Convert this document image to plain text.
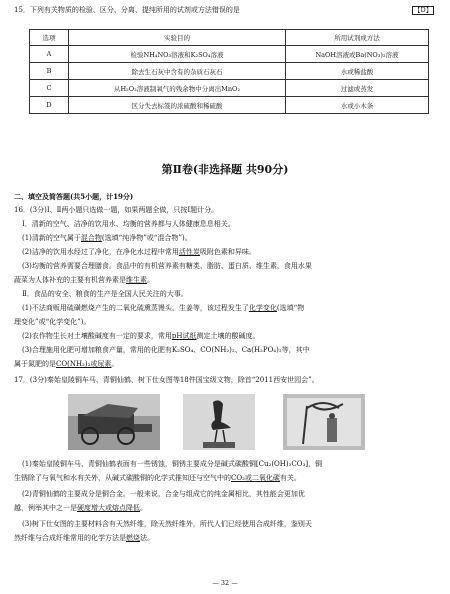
15．下列有关物质的检验、区分、分离、提纯所用的试剂或方法错误的是	【D】
选项	实验目的	所用试剂或方法
A	检验NH₄NO₃溶液和K₂SO₄溶液	NaOH溶液或Ba(NO₃)₂溶液
B	除去生石灰中含有的杂质石灰石	水或稀盐酸
C	从H₂O₂溶液制氧气的残余物中分离出MnO₂	过滤或蒸发
D	区分失去标签的浓硫酸和稀硫酸	水或小木条
第Ⅱ卷(非选择题 共90分)
二、填空及简答题(共5小题，计19分)
16．(3分)Ⅰ、Ⅱ两小题只选做一题，如果两题全做，只按Ⅰ题计分。
Ⅰ．清新的空气、洁净的饮用水、均衡的营养都与人体健康息息相关。
(1)清新的空气属于混合物(选填“纯净物”或“混合物”)。
(2)洁净的饮用水经过了净化，在净化水过程中常用活性炭吸附色素和异味。
(3)均衡的营养需要合理膳食。食品中的有机营养素有糖类、脂肪、蛋白质、维生素，食用水果
蔬菜为人体补充的主要有机营养素是维生素。
Ⅱ．食品的安全、粮食的生产是全国人民关注的大事。
(1)不法商贩用硫磺燃烧产生的二氧化硫熏蒸馒头，生姜等，该过程发生了化学变化(选填“物
理变化”或“化学变化”)。
(2)农作物生长对土壤酸碱度有一定的要求，常用pH试纸测定土壤的酸碱度。
(3)合理施用化肥可增加粮食产量，常用的化肥有K₂SO₄、CO(NH₂)₂、Ca(H₂PO₄)₂等，其中
属于氮肥的是CO(NH₂)₂或尿素。
17．(3分)秦始皇陵铜车马、青铜仙鹤、树下仕女图等18件国宝级文物，除首“2011西安世园会”。
(1)秦始皇陵铜车马、青铜仙鹤表面有一些锈蚀，铜锈主要成分是碱式碳酸铜[Cu₂(OH)₂CO₃]，铜
生锈除了与氧气和水有关外，从碱式碳酸铜的化学式推知还与空气中的CO₂或二氧化碳有关。
(2)青铜仙鹤的主要成分是铜合金。一般来说，合金与组成它的纯金属相比，其性能会更加优
越，例举其中之一是硬度增大或熔点降低。
(3)树下仕女图的主要材料含有天然纤维，除天然纤维外，所代人们已经使用合成纤维，鉴别天
然纤维与合成纤维常用的化学方法是燃烧法。
— 32 —
